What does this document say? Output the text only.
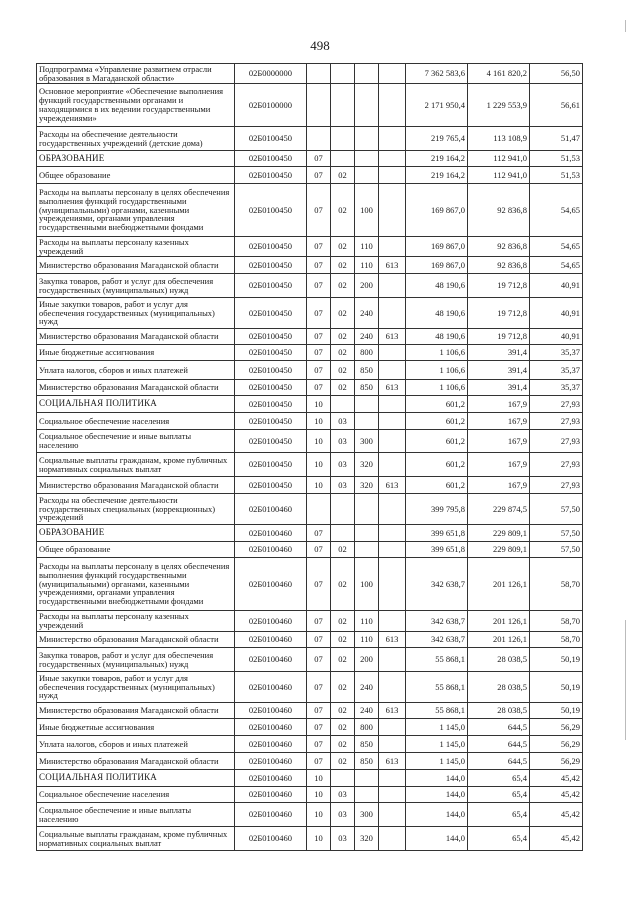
498
Подпрограмма «Управление развитием отрасли образования в Магаданской области»	02Б0000000					7 362 583,6	4 161 820,2	56,50
Основное мероприятие «Обеспечение выполнения функций государственными органами и находящимися в их ведении государственными учреждениями»	02Б0100000					2 171 950,4	1 229 553,9	56,61
Расходы на обеспечение деятельности государственных учреждений (детские дома)	02Б0100450					219 765,4	113 108,9	51,47
ОБРАЗОВАНИЕ	02Б0100450	07				219 164,2	112 941,0	51,53
Общее образование	02Б0100450	07	02			219 164,2	112 941,0	51,53
Расходы на выплаты персоналу в целях обеспечения выполнения функций государственными (муниципальными) органами, казенными учреждениями, органами управления государственными внебюджетными фондами	02Б0100450	07	02	100		169 867,0	92 836,8	54,65
Расходы на выплаты персоналу казенных учреждений	02Б0100450	07	02	110		169 867,0	92 836,8	54,65
Министерство образования Магаданской области	02Б0100450	07	02	110	613	169 867,0	92 836,8	54,65
Закупка товаров, работ и услуг для обеспечения государственных (муниципальных) нужд	02Б0100450	07	02	200		48 190,6	19 712,8	40,91
Иные закупки товаров, работ и услуг для обеспечения государственных (муниципальных) нужд	02Б0100450	07	02	240		48 190,6	19 712,8	40,91
Министерство образования Магаданской области	02Б0100450	07	02	240	613	48 190,6	19 712,8	40,91
Иные бюджетные ассигнования	02Б0100450	07	02	800		1 106,6	391,4	35,37
Уплата налогов, сборов и иных платежей	02Б0100450	07	02	850		1 106,6	391,4	35,37
Министерство образования Магаданской области	02Б0100450	07	02	850	613	1 106,6	391,4	35,37
СОЦИАЛЬНАЯ ПОЛИТИКА	02Б0100450	10				601,2	167,9	27,93
Социальное обеспечение населения	02Б0100450	10	03			601,2	167,9	27,93
Социальное обеспечение и иные выплаты населению	02Б0100450	10	03	300		601,2	167,9	27,93
Социальные выплаты гражданам, кроме публичных нормативных социальных выплат	02Б0100450	10	03	320		601,2	167,9	27,93
Министерство образования Магаданской области	02Б0100450	10	03	320	613	601,2	167,9	27,93
Расходы на обеспечение деятельности государственных специальных (коррекционных) учреждений	02Б0100460					399 795,8	229 874,5	57,50
ОБРАЗОВАНИЕ	02Б0100460	07				399 651,8	229 809,1	57,50
Общее образование	02Б0100460	07	02			399 651,8	229 809,1	57,50
Расходы на выплаты персоналу в целях обеспечения выполнения функций государственными (муниципальными) органами, казенными учреждениями, органами управления государственными внебюджетными фондами	02Б0100460	07	02	100		342 638,7	201 126,1	58,70
Расходы на выплаты персоналу казенных учреждений	02Б0100460	07	02	110		342 638,7	201 126,1	58,70
Министерство образования Магаданской области	02Б0100460	07	02	110	613	342 638,7	201 126,1	58,70
Закупка товаров, работ и услуг для обеспечения государственных (муниципальных) нужд	02Б0100460	07	02	200		55 868,1	28 038,5	50,19
Иные закупки товаров, работ и услуг для обеспечения государственных (муниципальных) нужд	02Б0100460	07	02	240		55 868,1	28 038,5	50,19
Министерство образования Магаданской области	02Б0100460	07	02	240	613	55 868,1	28 038,5	50,19
Иные бюджетные ассигнования	02Б0100460	07	02	800		1 145,0	644,5	56,29
Уплата налогов, сборов и иных платежей	02Б0100460	07	02	850		1 145,0	644,5	56,29
Министерство образования Магаданской области	02Б0100460	07	02	850	613	1 145,0	644,5	56,29
СОЦИАЛЬНАЯ ПОЛИТИКА	02Б0100460	10				144,0	65,4	45,42
Социальное обеспечение населения	02Б0100460	10	03			144,0	65,4	45,42
Социальное обеспечение и иные выплаты населению	02Б0100460	10	03	300		144,0	65,4	45,42
Социальные выплаты гражданам, кроме публичных нормативных социальных выплат	02Б0100460	10	03	320		144,0	65,4	45,42
